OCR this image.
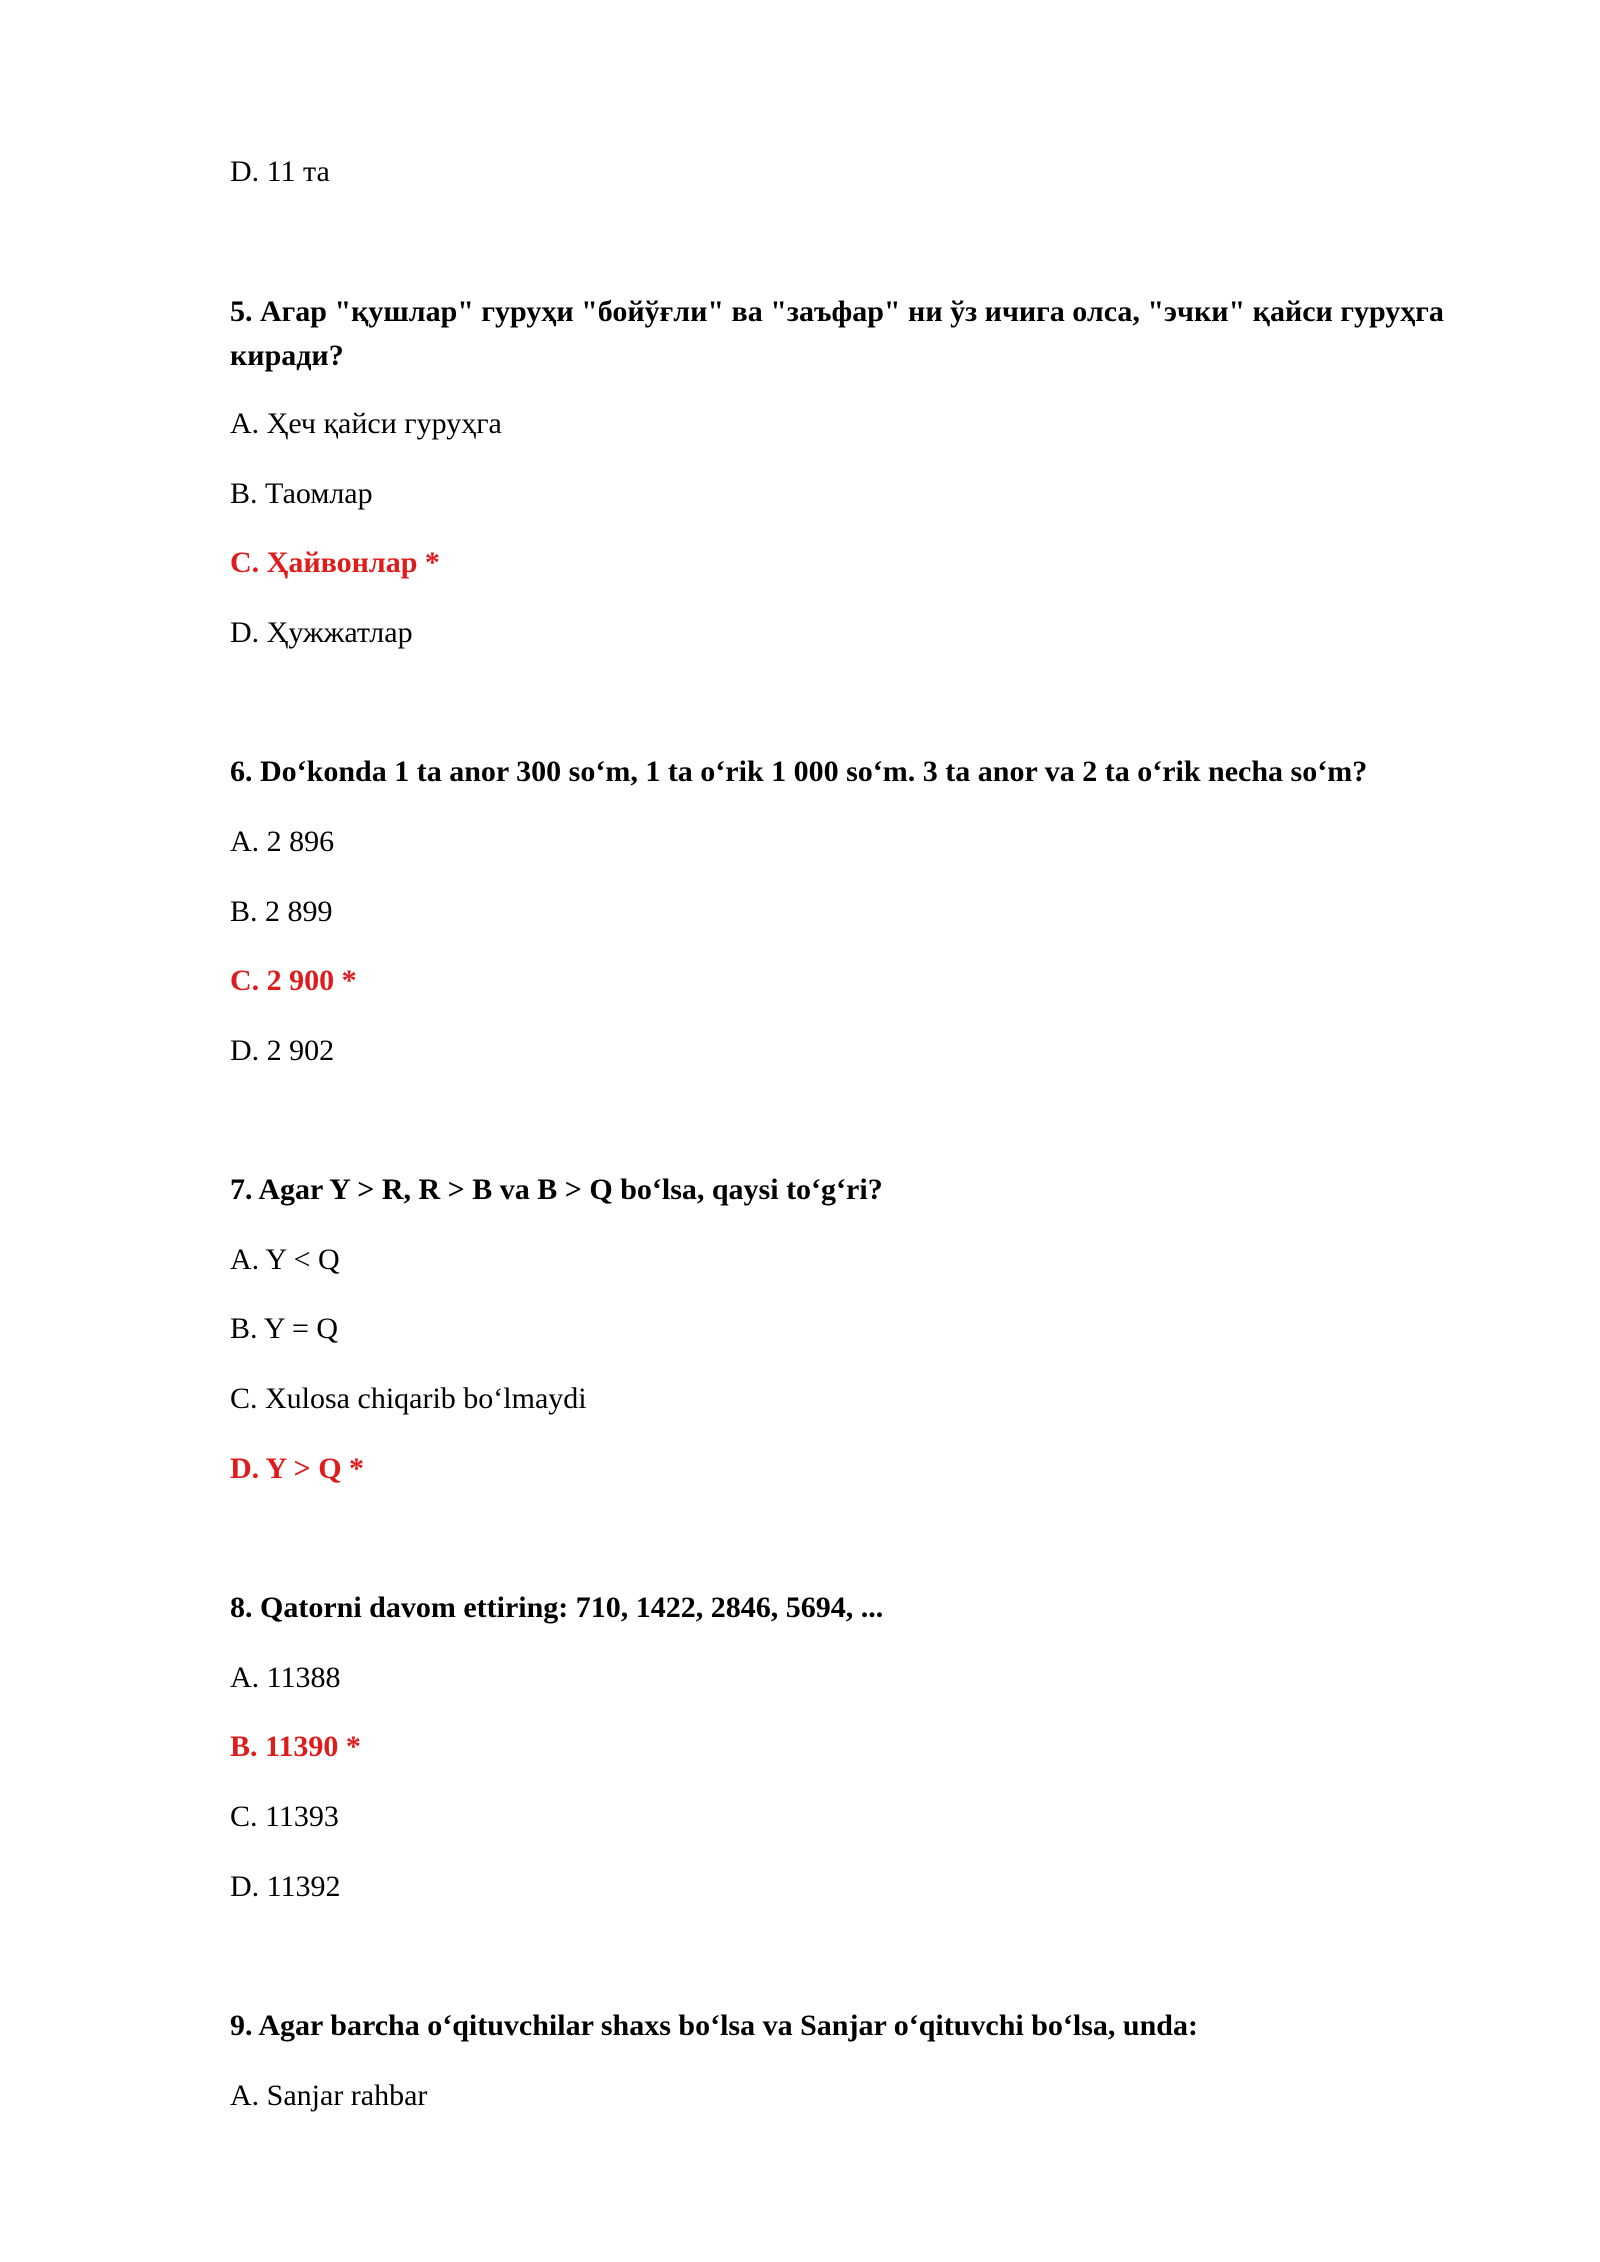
D. 11 та
5. Агар "қушлар" гуруҳи "бойўғли" ва "заъфар" ни ўз ичига олса, "эчки" қайси гуруҳга киради?
A. Ҳеч қайси гуруҳга
B. Таомлар
C. Ҳайвонлар *
D. Ҳужжатлар
6. Do‘konda 1 ta anor 300 so‘m, 1 ta o‘rik 1 000 so‘m. 3 ta anor va 2 ta o‘rik necha so‘m?
A. 2 896
B. 2 899
C. 2 900 *
D. 2 902
7. Agar Y > R, R > B va B > Q bo‘lsa, qaysi to‘g‘ri?
A. Y < Q
B. Y = Q
C. Xulosa chiqarib bo‘lmaydi
D. Y > Q *
8. Qatorni davom ettiring: 710, 1422, 2846, 5694, ...
A. 11388
B. 11390 *
C. 11393
D. 11392
9. Agar barcha o‘qituvchilar shaxs bo‘lsa va Sanjar o‘qituvchi bo‘lsa, unda:
A. Sanjar rahbar
